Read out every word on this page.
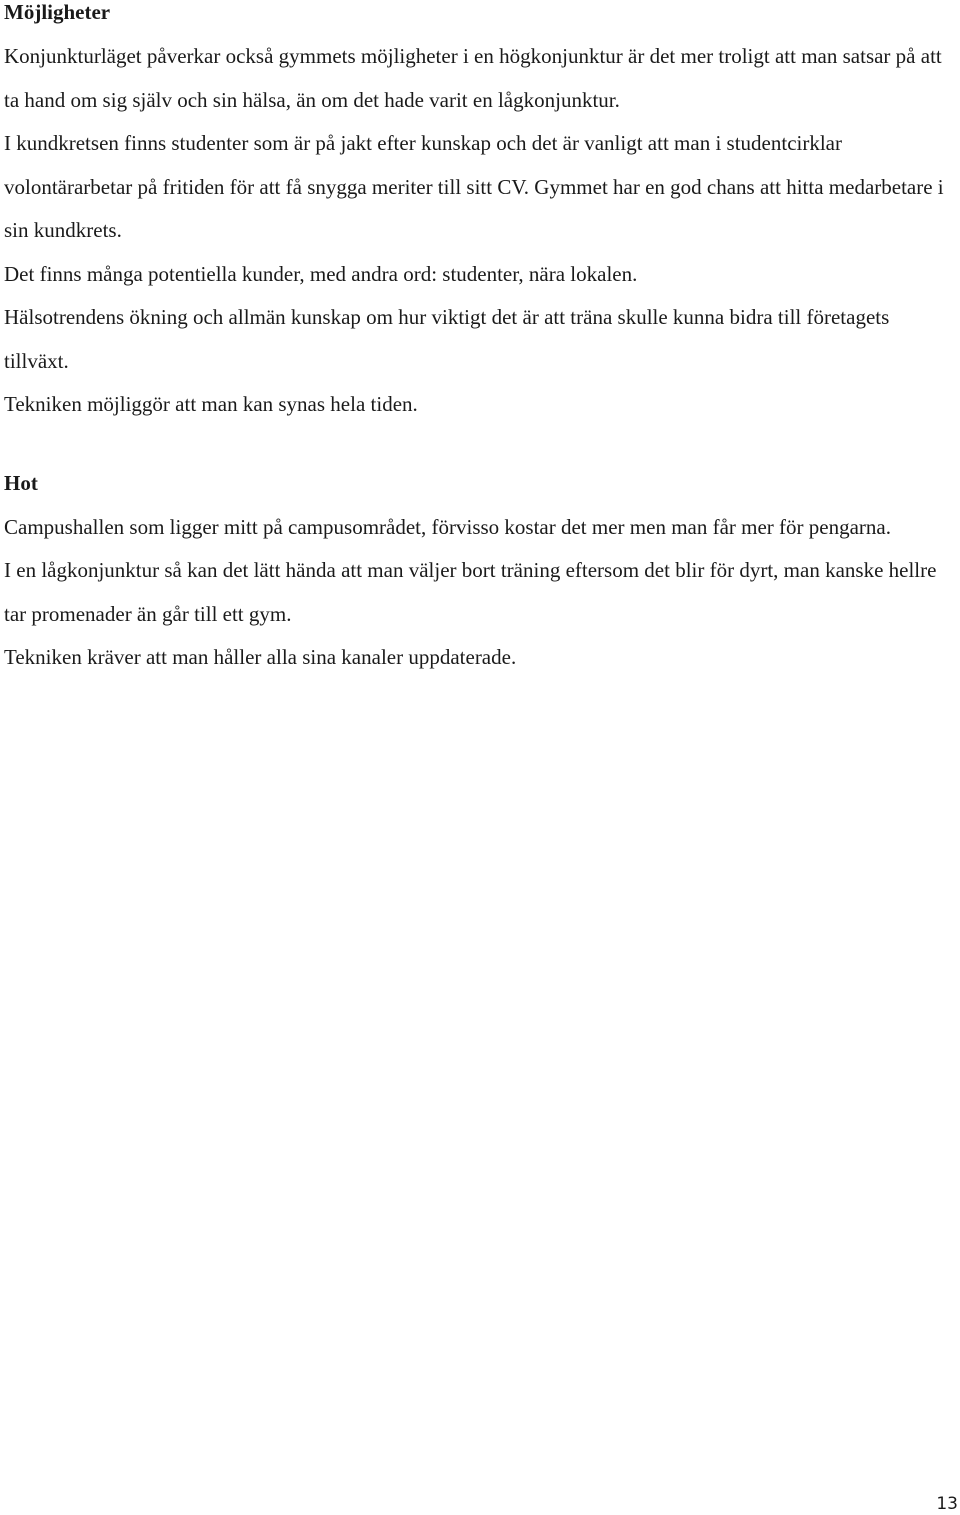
Möjligheter

Konjunkturläget påverkar också gymmets möjligheter i en högkonjunktur är det mer troligt att man satsar på att ta hand om sig själv och sin hälsa, än om det hade varit en lågkonjunktur.

I kundkretsen finns studenter som är på jakt efter kunskap och det är vanligt att man i studentcirklar volontärarbetar på fritiden för att få snygga meriter till sitt CV. Gymmet har en god chans att hitta medarbetare i sin kundkrets.

Det finns många potentiella kunder, med andra ord: studenter, nära lokalen.

Hälsotrendens ökning och allmän kunskap om hur viktigt det är att träna skulle kunna bidra till företagets tillväxt.

Tekniken möjliggör att man kan synas hela tiden.

Hot

Campushallen som ligger mitt på campusområdet, förvisso kostar det mer men man får mer för pengarna.

I en lågkonjunktur så kan det lätt hända att man väljer bort träning eftersom det blir för dyrt, man kanske hellre tar promenader än går till ett gym.

Tekniken kräver att man håller alla sina kanaler uppdaterade.

13
